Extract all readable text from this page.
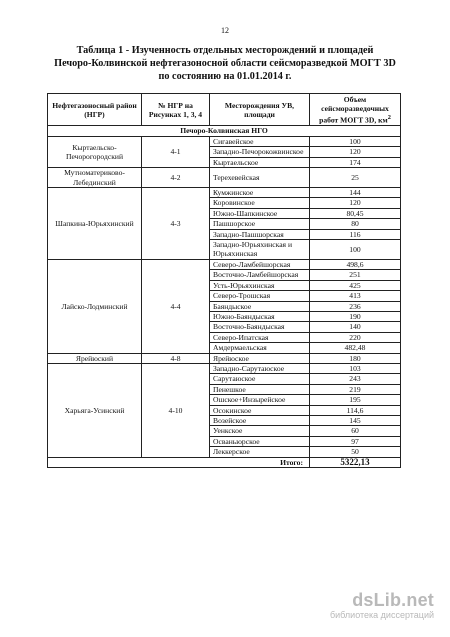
12
Таблица 1 - Изученность отдельных месторождений и площадей
Печоро-Колвинской нефтегазоносной области сейсморазведкой МОГТ 3D
по состоянию на 01.01.2014 г.
Нефтегазоносный район (НГР)	№ НГР на Рисунках 1, 3, 4	Месторождения УВ, площади	Объем сейсморазведочных работ МОГТ 3D, $км^2$
Печоро-Колвинская НГО			
Кыртаельско-Печорогородский	4-1	Сигавейское	100
		Западно-Печорокожвинское	120
		Кыртаельское	174
Мутноматериково-Лебединский	4-2	Терехевейская	25
Шапкина-Юрьяхинский	4-3	Кумжинское	144
		Коровинское	120
		Южно-Шапкинское	80,45
		Пашшорское	80
		Западно-Пашшорская	116
		Западно-Юрьяхинская и Юрьяхинская	100
Лайско-Лодминский	4-4	Северо-Ламбейшорская	498,6
		Восточно-Ламбейшорская	251
		Усть-Юрьяхинская	425
		Северо-Трошская	413
		Баяндыское	236
		Южно-Баяндыская	190
		Восточно-Баяндыская	140
		Северо-Ипатская	220
		Амдермаельская	482,48
Ярейюский	4-8	Ярейюское	180
Харьяга-Усинский	4-10	Западно-Сарутаюское	103
		Сарутаюское	243
		Пенешкое	219
		Ошское+Инзырейское	195
		Осокинское	114,6
		Возейское	145
		Уенкское	60
		Осваньюрское	97
		Леккерское	50
Итого:			5322,13
dsLib.net
библиотека диссертаций
